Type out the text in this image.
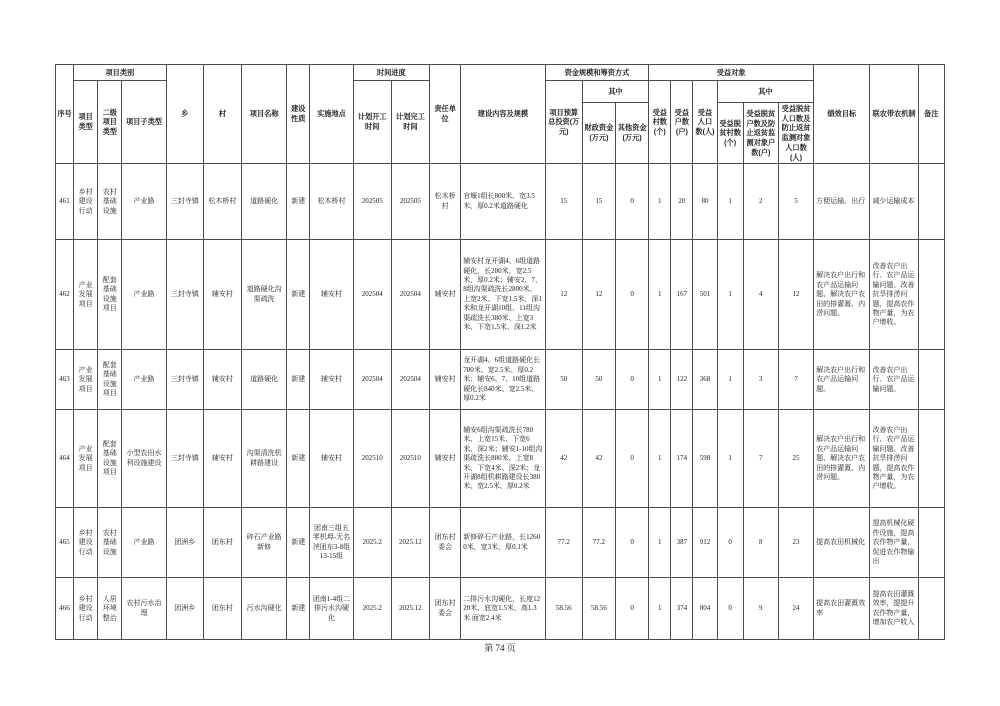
序号	项目类别			乡	村	项目名称	建设性质	实施地点	时间进度		责任单位	建设内容及规模	资金规模和筹资方式			受益对象						绩效目标	联农带农机制	备注
	项目类型	二级项目类型	项目子类型						计划开工时间	计划完工时间			项目预算总投资(万元)	其中		受益村数(个)	受益户数(户)	受益人口数(人)	其中					
														财政资金(万元)	其他资金(万元)				受益脱贫村数(个)	受益脱贫户数及防止返贫监测对象户数(户)	受益脱贫人口数及防止返贫监测对象人口数(人)			
461	乡村建设行动	农村基础设施	产业路	三封寺镇	松木桥村	道路硬化	新建	松木桥村	202505	202505	松木桥村	官堰1组长800米、宽3.5米，厚0.2米道路硬化	15	15	0	1	20	80	1	2	5	方便运输、出行	减少运输成本	
462	产业发展项目	配套基础设施项目	产业路	三封寺镇	辅安村	道路硬化沟渠疏洗	新建	辅安村	202504	202504	辅安村	辅安村龙开湖4、6组道路硬化，长280米，宽2.5米，厚0.2米；辅安2、7、8组沟渠疏洗长2800米、上宽2米、下宽1.5米、深1米和龙开湖10组、11组沟渠疏洗长380米、上宽3米、下宽1.5米、深1.2米	12	12	0	1	167	501	1	4	12	解决农户出行和农产品运输问题、解决农户农田的排灌溉、内涝问题。	改善农户出行、农产品运输问题、改善抗旱排涝问题，提高农作物产量，为农户增收。	
463	产业发展项目	配套基础设施项目	产业路	三封寺镇	辅安村	道路硬化	新建	辅安村	202504	202504	辅安村	龙开湖4、6组道路硬化长700米、宽2.5米、厚0.2米；辅安6、7、10组道路硬化长840米、宽2.5米、厚0.2米	50	50	0	1	122	368	1	3	7	解决农户出行和农产品运输问题。	改善农户出行、农产品运输问题。	
464	产业发展项目	配套基础设施项目	小型农田水利设施建设	三封寺镇	辅安村	沟渠清洗机耕路建设	新建	辅安村	202510	202510	辅安村	辅安6组沟渠疏洗长780米、上宽15米、下宽6米、深2米；辅安1-10组沟渠疏洗长880米、上宽8米、下宽4米、深2米；龙开湖8组机耕路建设长380米、宽2.5米、厚0.2米	42	42	0	1	174	598	1	7	25	解决农户出行和农产品运输问题、解决农户农田的排灌溉、内涝问题。	改善农户出行、农产品运输问题、改善抗旱排涝问题，提高农作物产量，为农户增收。	
465	乡村建设行动	农村基础设施	产业路	团洲乡	团东村	碎石产业路新修	新建	团南三组五零机埠-无名浃团东3-8组13-15组	2025.2	2025.12	团东村委会	新修碎石产业路，长12600米，宽3米，厚0.1米	77.2	77.2	0	1	387	912	0	8	23	提高农田机械化	提高机械化硬件设施，提高农作物产量，促进农作物输出	
466	乡村建设行动	人居环境整治	农村污水治理	团洲乡	团东村	污水沟硬化	新建	团南1-4组二排污水沟硬化	2025.2	2025.12	团东村委会	二排污水沟硬化，长度1220米，底宽1.5米，高1.3米 面宽2.4米	58.56	58.56	0	1	374	804	0	9	24	提高农田灌溉效率	提高农田灌溉效率，提提升农作物产量，增加农户收入	
第 74 页
